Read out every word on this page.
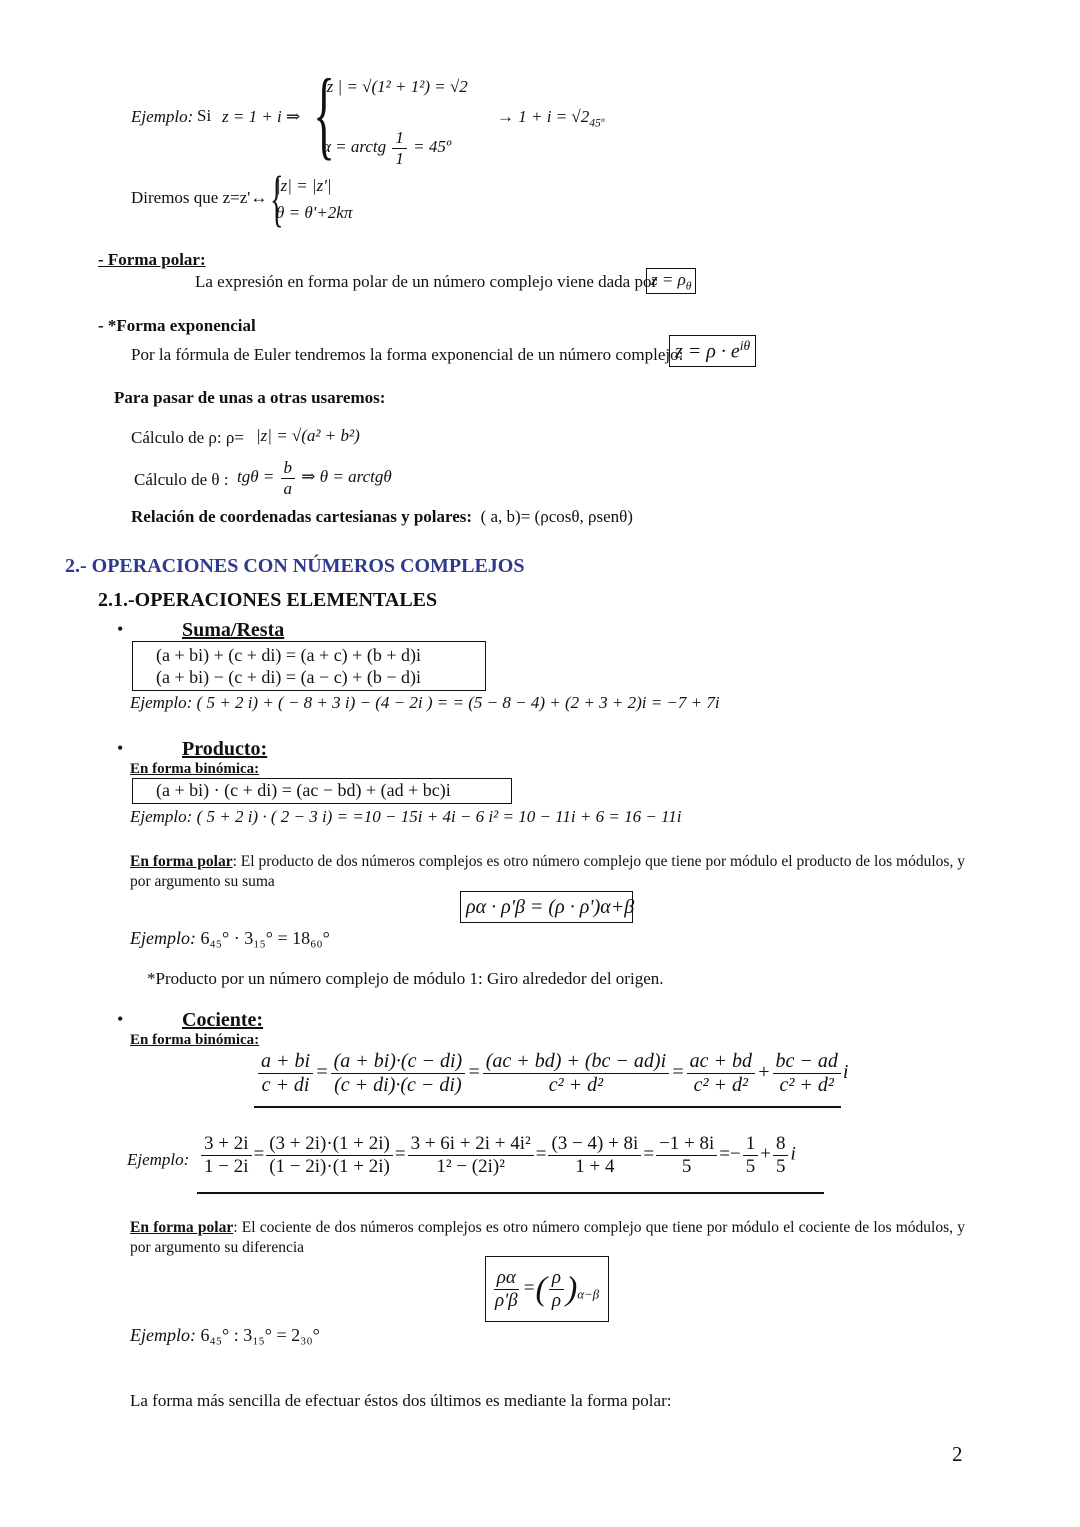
Ejemplo: Si z = 1 + i ⇒ {
|z | = √(1² + 1²) = √2
α = arctg $\frac{1}{1}$ = 45º
→ $1 + i = √2_{45º}$
Diremos que z=z'↔ {
|z| = |z'|
θ = θ'+2kπ
- Forma polar:
La expresión en forma polar de un número complejo viene dada por
$z = \rho_\theta$
- *Forma exponencial
Por la fórmula de Euler tendremos la forma exponencial de un número complejo:
$z = \rho \cdot e^{i\theta}$
Para pasar de unas a otras usaremos:
Cálculo de ρ: ρ= |z| = √(a² + b²)
Cálculo de θ : $tg\theta = \frac{b}{a}$ ⇒ θ = arctgθ
Relación de coordenadas cartesianas y polares: ( a, b)= (ρcosθ, ρsenθ)
2.- OPERACIONES CON NÚMEROS COMPLEJOS
2.1.-OPERACIONES ELEMENTALES
•	Suma/Resta
(a + bi) + (c + di) = (a + c) + (b + d)i
(a + bi) − (c + di) = (a − c) + (b − d)i
Ejemplo: ( 5 + 2 i) + ( − 8 + 3 i) − (4 − 2i ) = = (5 − 8 − 4) + (2 + 3 + 2)i = −7 + 7i
•	Producto:
En forma binómica:
(a + bi) · (c + di) = (ac − bd) + (ad + bc)i
Ejemplo: ( 5 + 2 i) · ( 2 − 3 i) = =10 − 15i + 4i − 6 i² = 10 − 11i + 6 = 16 − 11i
En forma polar: El producto de dos números complejos es otro número complejo que tiene por módulo el producto de los módulos, y por argumento su suma
ρα · ρ'β = (ρ · ρ')α+β
Ejemplo: 6₄₅° · 3₁₅° = 18₆₀°
*Producto por un número complejo de módulo 1: Giro alrededor del origen.
•	Cociente:
En forma binómica:
$\frac{a + bi}{c + di} = \frac{(a + bi)\cdot(c - di)}{(c + di)\cdot(c - di)} = \frac{(ac + bd) + (bc - ad)i}{\text{c² + d²}} = \frac{ac + bd}{\text{c² + d²}} + \frac{bc - ad}{\text{c² + d²}}$ i
Ejemplo: $\frac{3 + 2i}{1 - 2i} = \frac{(3 + 2i)\cdot(1 + 2i)}{(1 - 2i)\cdot(1 + 2i)} = \frac{\text{3 + 6i + 2i + 4i²}}{\text{1² − (2i)²}} = \frac{(3 - 4) + 8i}{1 + 4} = \frac{-1 + 8i}{5} =- \frac{1}{5} + \frac{8}{5}$ i
En forma polar: El cociente de dos números complejos es otro número complejo que tiene por módulo el cociente de los módulos, y por argumento su diferencia
$\frac{\rho\alpha}{\rho'\beta}$ =( $\frac{\rho}{\rho} )_{\alpha-\beta}$
Ejemplo: 6₄₅° : 3₁₅° = 2₃₀°
La forma más sencilla de efectuar éstos dos últimos es mediante la forma polar:
2
